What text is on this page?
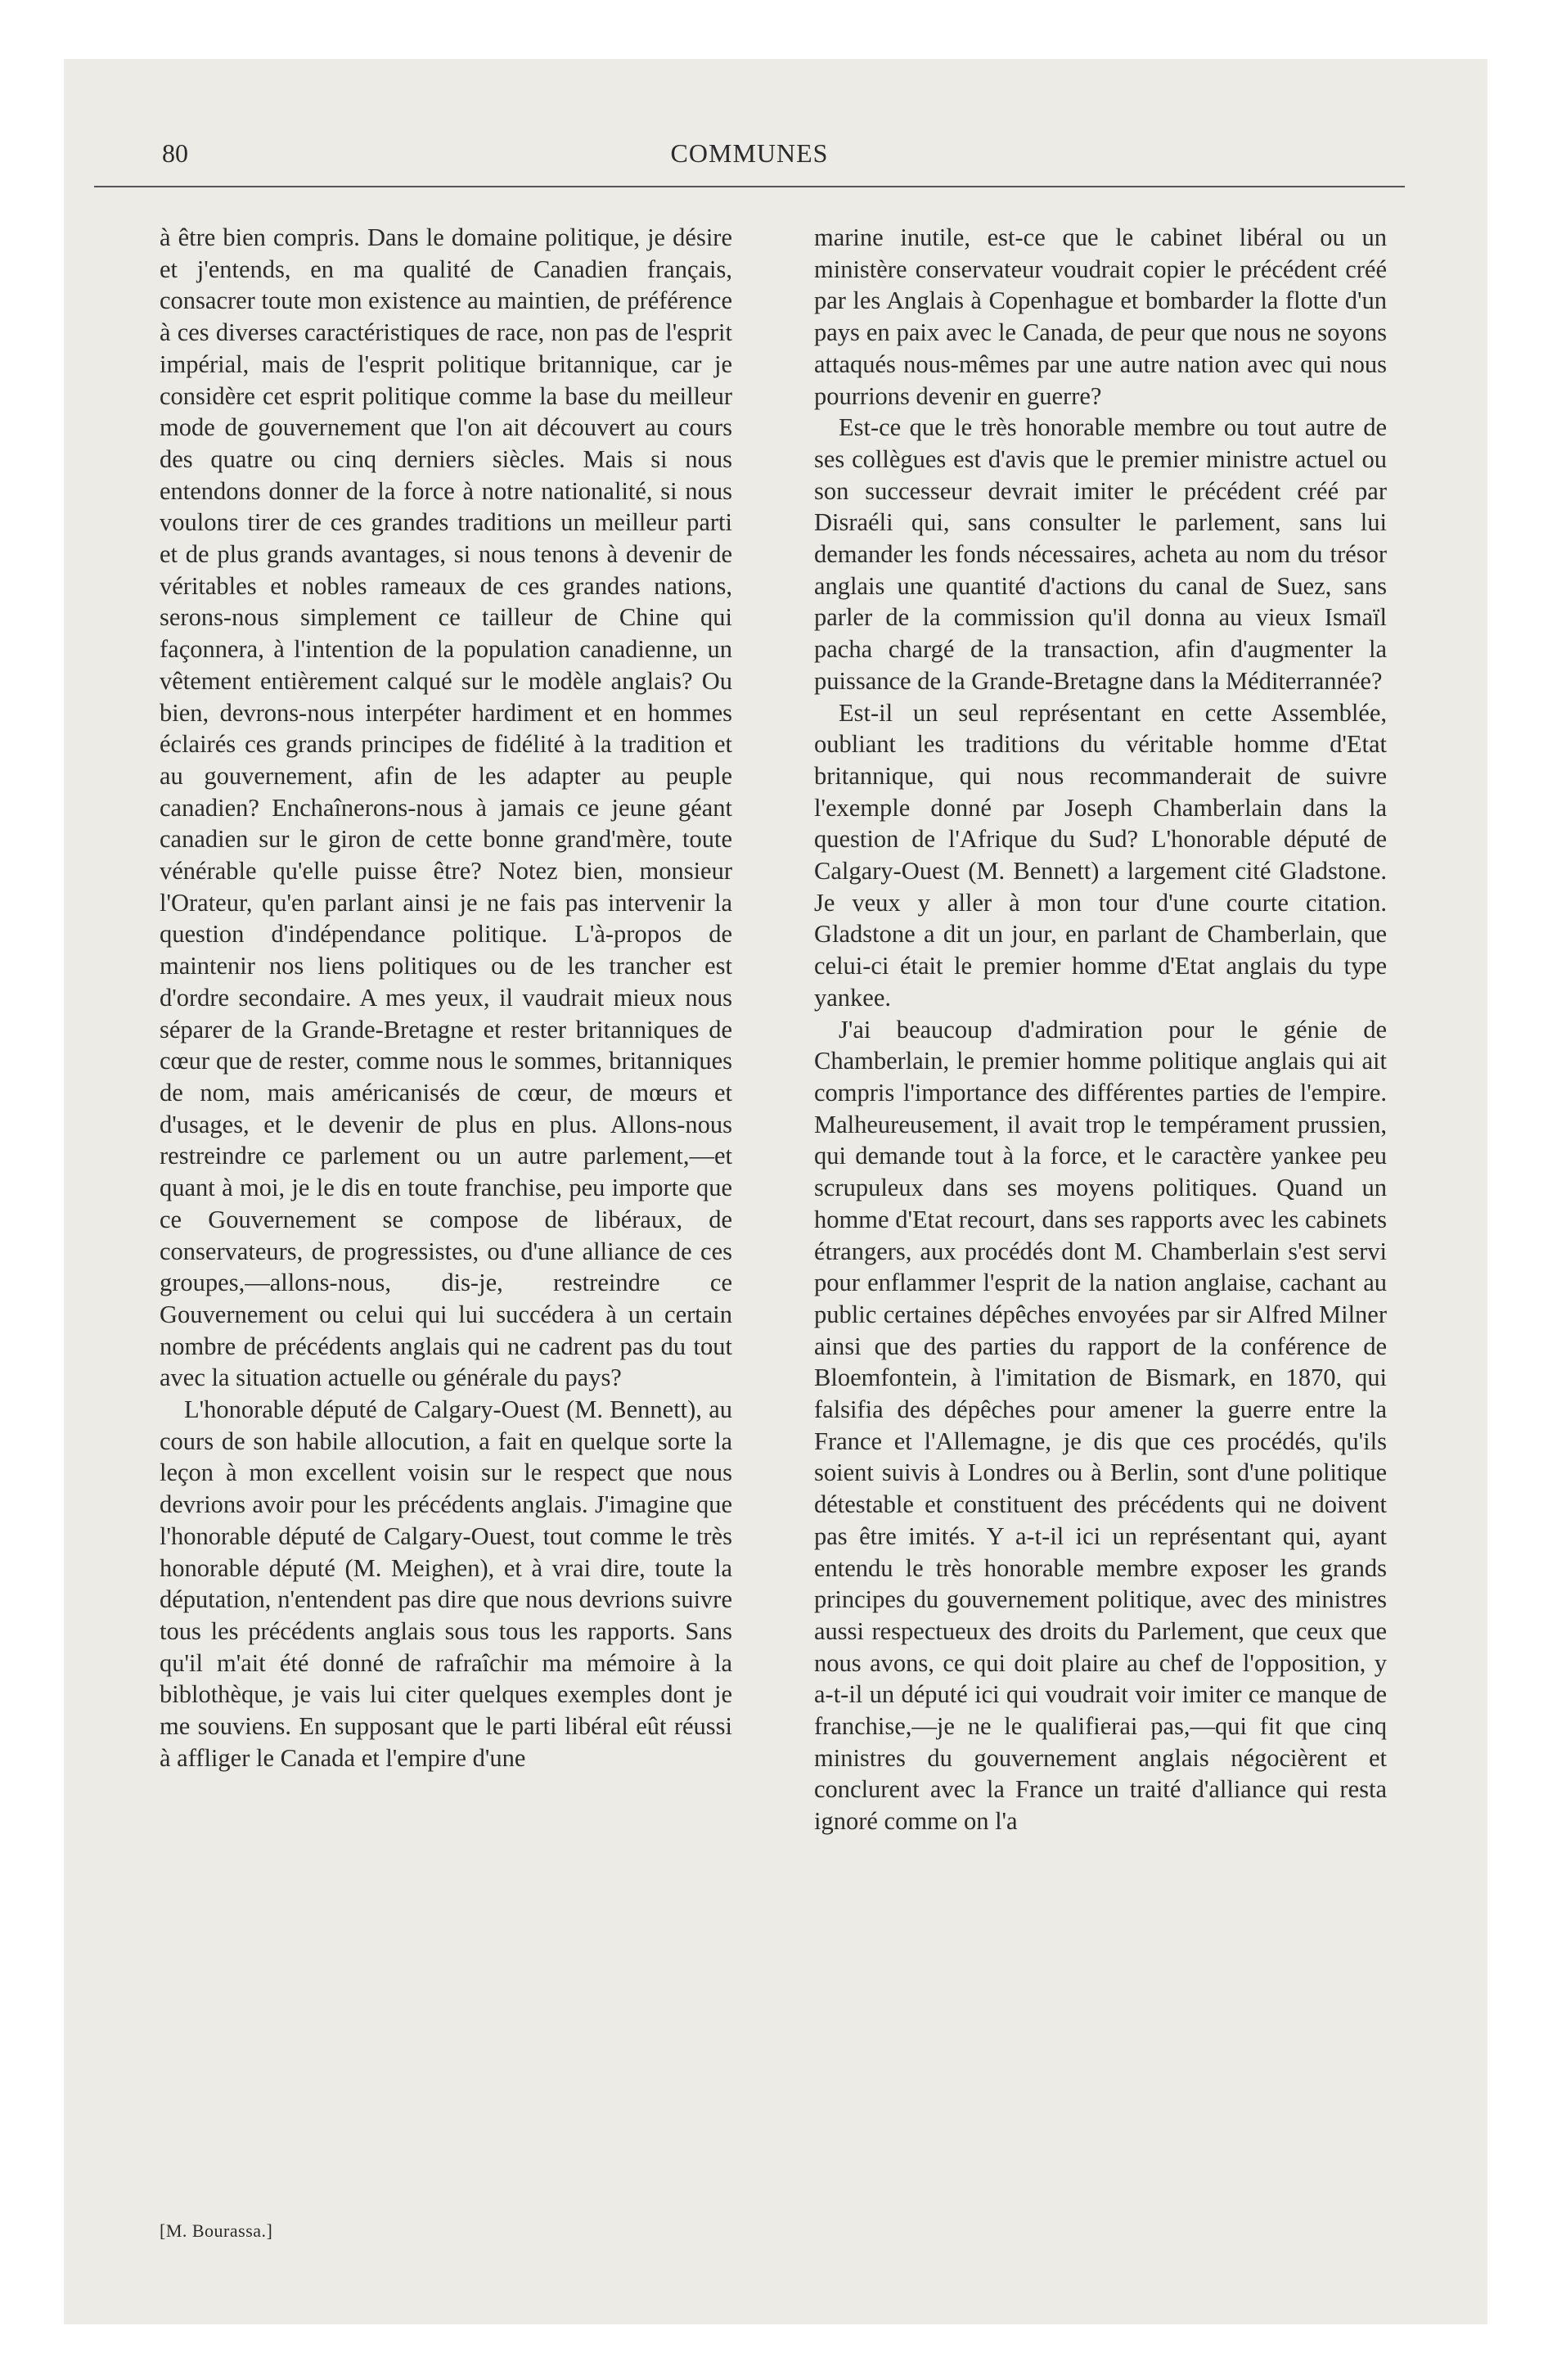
80	COMMUNES

à être bien compris. Dans le domaine politique, je désire et j'entends, en ma qualité de Canadien français, consacrer toute mon existence au maintien, de préférence à ces diverses caractéristiques de race, non pas de l'esprit impérial, mais de l'esprit politique britannique, car je considère cet esprit politique comme la base du meilleur mode de gouvernement que l'on ait découvert au cours des quatre ou cinq derniers siècles. Mais si nous entendons donner de la force à notre nationalité, si nous voulons tirer de ces grandes traditions un meilleur parti et de plus grands avantages, si nous tenons à devenir de véritables et nobles rameaux de ces grandes nations, serons-nous simplement ce tailleur de Chine qui façonnera, à l'intention de la population canadienne, un vêtement entièrement calqué sur le modèle anglais? Ou bien, devrons-nous interpéter hardiment et en hommes éclairés ces grands principes de fidélité à la tradition et au gouvernement, afin de les adapter au peuple canadien? Enchaînerons-nous à jamais ce jeune géant canadien sur le giron de cette bonne grand'mère, toute vénérable qu'elle puisse être? Notez bien, monsieur l'Orateur, qu'en parlant ainsi je ne fais pas intervenir la question d'indépendance politique. L'à-propos de maintenir nos liens politiques ou de les trancher est d'ordre secondaire. A mes yeux, il vaudrait mieux nous séparer de la Grande-Bretagne et rester britanniques de cœur que de rester, comme nous le sommes, britanniques de nom, mais américanisés de cœur, de mœurs et d'usages, et le devenir de plus en plus. Allons-nous restreindre ce parlement ou un autre parlement,—et quant à moi, je le dis en toute franchise, peu importe que ce Gouvernement se compose de libéraux, de conservateurs, de progressistes, ou d'une alliance de ces groupes,—allons-nous, dis-je, restreindre ce Gouvernement ou celui qui lui succédera à un certain nombre de précédents anglais qui ne cadrent pas du tout avec la situation actuelle ou générale du pays?

L'honorable député de Calgary-Ouest (M. Bennett), au cours de son habile allocution, a fait en quelque sorte la leçon à mon excellent voisin sur le respect que nous devrions avoir pour les précédents anglais. J'imagine que l'honorable député de Calgary-Ouest, tout comme le très honorable député (M. Meighen), et à vrai dire, toute la députation, n'entendent pas dire que nous devrions suivre tous les précédents anglais sous tous les rapports. Sans qu'il m'ait été donné de rafraîchir ma mémoire à la biblothèque, je vais lui citer quelques exemples dont je me souviens. En supposant que le parti libéral eût réussi à affliger le Canada et l'empire d'une

marine inutile, est-ce que le cabinet libéral ou un ministère conservateur voudrait copier le précédent créé par les Anglais à Copenhague et bombarder la flotte d'un pays en paix avec le Canada, de peur que nous ne soyons attaqués nous-mêmes par une autre nation avec qui nous pourrions devenir en guerre?

Est-ce que le très honorable membre ou tout autre de ses collègues est d'avis que le premier ministre actuel ou son successeur devrait imiter le précédent créé par Disraéli qui, sans consulter le parlement, sans lui demander les fonds nécessaires, acheta au nom du trésor anglais une quantité d'actions du canal de Suez, sans parler de la commission qu'il donna au vieux Ismaïl pacha chargé de la transaction, afin d'augmenter la puissance de la Grande-Bretagne dans la Méditerrannée?

Est-il un seul représentant en cette Assemblée, oubliant les traditions du véritable homme d'Etat britannique, qui nous recommanderait de suivre l'exemple donné par Joseph Chamberlain dans la question de l'Afrique du Sud? L'honorable député de Calgary-Ouest (M. Bennett) a largement cité Gladstone. Je veux y aller à mon tour d'une courte citation. Gladstone a dit un jour, en parlant de Chamberlain, que celui-ci était le premier homme d'Etat anglais du type yankee.

J'ai beaucoup d'admiration pour le génie de Chamberlain, le premier homme politique anglais qui ait compris l'importance des différentes parties de l'empire. Malheureusement, il avait trop le tempérament prussien, qui demande tout à la force, et le caractère yankee peu scrupuleux dans ses moyens politiques. Quand un homme d'Etat recourt, dans ses rapports avec les cabinets étrangers, aux procédés dont M. Chamberlain s'est servi pour enflammer l'esprit de la nation anglaise, cachant au public certaines dépêches envoyées par sir Alfred Milner ainsi que des parties du rapport de la conférence de Bloemfontein, à l'imitation de Bismark, en 1870, qui falsifia des dépêches pour amener la guerre entre la France et l'Allemagne, je dis que ces procédés, qu'ils soient suivis à Londres ou à Berlin, sont d'une politique détestable et constituent des précédents qui ne doivent pas être imités. Y a-t-il ici un représentant qui, ayant entendu le très honorable membre exposer les grands principes du gouvernement politique, avec des ministres aussi respectueux des droits du Parlement, que ceux que nous avons, ce qui doit plaire au chef de l'opposition, y a-t-il un député ici qui voudrait voir imiter ce manque de franchise,—je ne le qualifierai pas,—qui fit que cinq ministres du gouvernement anglais négocièrent et conclurent avec la France un traité d'alliance qui resta ignoré comme on l'a

[M. Bourassa.]
